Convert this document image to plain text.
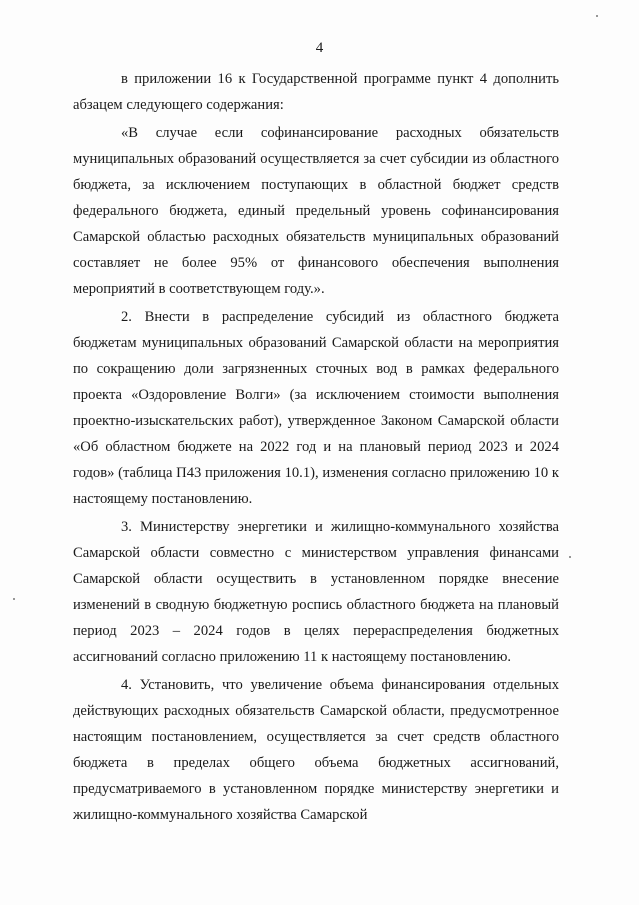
4

в приложении 16 к Государственной программе пункт 4 дополнить абзацем следующего содержания:

«В случае если софинансирование расходных обязательств муниципальных образований осуществляется за счет субсидии из областного бюджета, за исключением поступающих в областной бюджет средств федерального бюджета, единый предельный уровень софинансирования Самарской областью расходных обязательств муниципальных образований составляет не более 95% от финансового обеспечения выполнения мероприятий в соответствующем году.».

2. Внести в распределение субсидий из областного бюджета бюджетам муниципальных образований Самарской области на мероприятия по сокращению доли загрязненных сточных вод в рамках федерального проекта «Оздоровление Волги» (за исключением стоимости выполнения проектно-изыскательских работ), утвержденное Законом Самарской области «Об областном бюджете на 2022 год и на плановый период 2023 и 2024 годов» (таблица П43 приложения 10.1), изменения согласно приложению 10 к настоящему постановлению.

3. Министерству энергетики и жилищно-коммунального хозяйства Самарской области совместно с министерством управления финансами Самарской области осуществить в установленном порядке внесение изменений в сводную бюджетную роспись областного бюджета на плановый период 2023 – 2024 годов в целях перераспределения бюджетных ассигнований согласно приложению 11 к настоящему постановлению.

4. Установить, что увеличение объема финансирования отдельных действующих расходных обязательств Самарской области, предусмотренное настоящим постановлением, осуществляется за счет средств областного бюджета в пределах общего объема бюджетных ассигнований, предусматриваемого в установленном порядке министерству энергетики и жилищно-коммунального хозяйства Самарской
